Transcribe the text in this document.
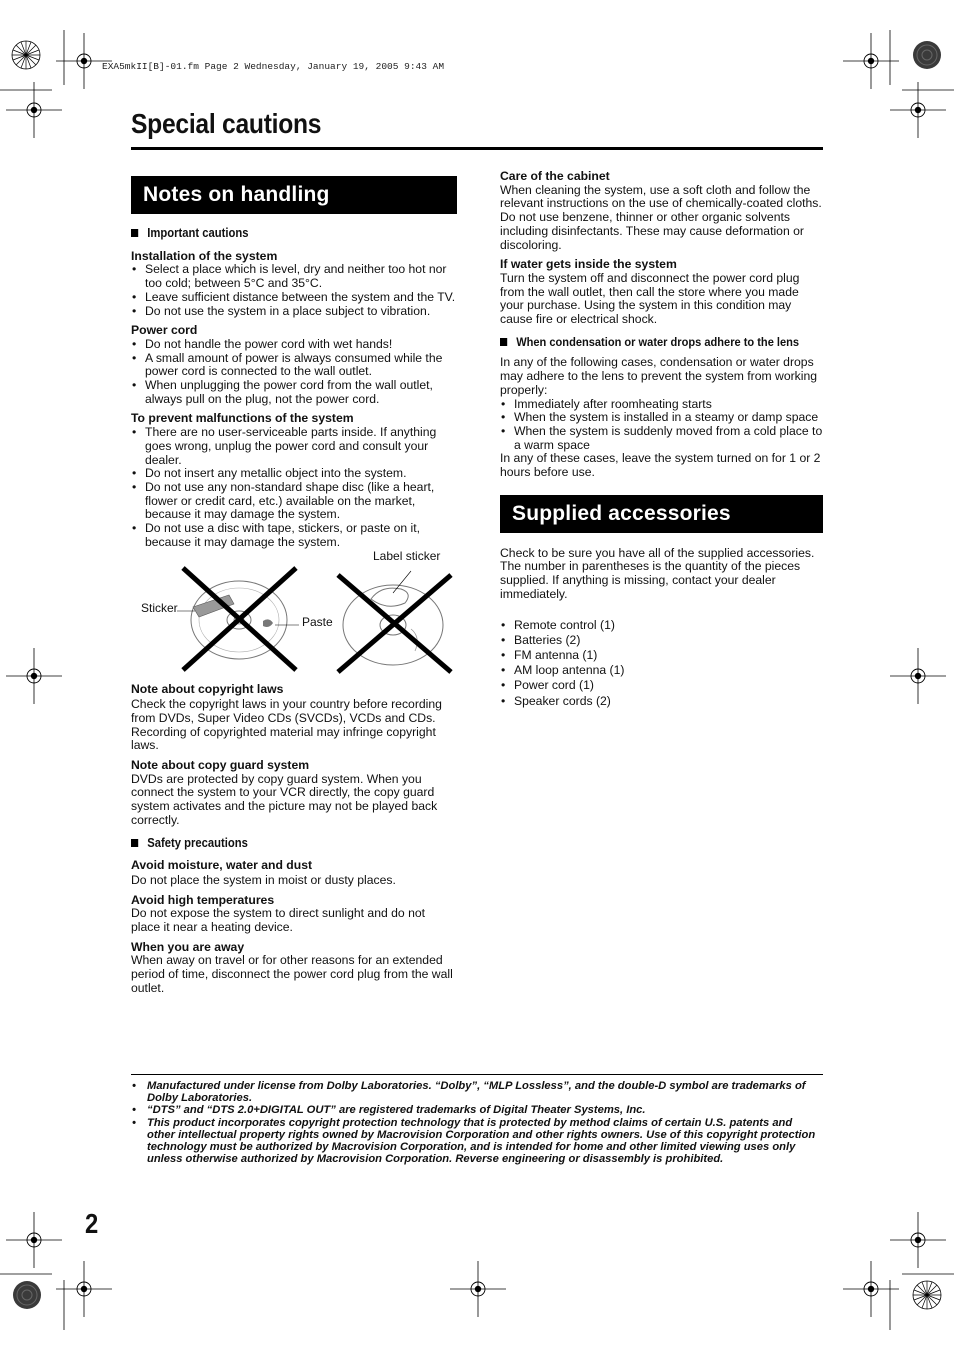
EXA5mkII[B]-01.fm Page 2 Wednesday, January 19, 2005 9:43 AM
Special cautions
Notes on handling
Important cautions

Installation of the system

• Select a place which is level, dry and neither too hot nor too cold; between 5°C and 35°C.
• Leave sufficient distance between the system and the TV.
• Do not use the system in a place subject to vibration.

Power cord

• Do not handle the power cord with wet hands!
• A small amount of power is always consumed while the power cord is connected to the wall outlet.
• When unplugging the power cord from the wall outlet, always pull on the plug, not the power cord.

To prevent malfunctions of the system

• There are no user-serviceable parts inside. If anything goes wrong, unplug the power cord and consult your dealer.
• Do not insert any metallic object into the system.
• Do not use any non-standard shape disc (like a heart, flower or credit card, etc.) available on the market, because it may damage the system.
• Do not use a disc with tape, stickers, or paste on it, because it may damage the system.
Sticker
Paste
Label sticker

Note about copyright laws

Check the copyright laws in your country before recording from DVDs, Super Video CDs (SVCDs), VCDs and CDs. Recording of copyrighted material may infringe copyright laws.

Note about copy guard system

DVDs are protected by copy guard system. When you connect the system to your VCR directly, the copy guard system activates and the picture may not be played back correctly.

Safety precautions

Avoid moisture, water and dust

Do not place the system in moist or dusty places.

Avoid high temperatures

Do not expose the system to direct sunlight and do not place it near a heating device.

When you are away

When away on travel or for other reasons for an extended period of time, disconnect the power cord plug from the wall outlet.

Care of the cabinet

When cleaning the system, use a soft cloth and follow the relevant instructions on the use of chemically-coated cloths. Do not use benzene, thinner or other organic solvents including disinfectants. These may cause deformation or discoloring.

If water gets inside the system

Turn the system off and disconnect the power cord plug from the wall outlet, then call the store where you made your purchase. Using the system in this condition may cause fire or electrical shock.

When condensation or water drops adhere to the lens

In any of the following cases, condensation or water drops may adhere to the lens to prevent the system from working properly:

• Immediately after roomheating starts
• When the system is installed in a steamy or damp space
• When the system is suddenly moved from a cold place to a warm space

In any of these cases, leave the system turned on for 1 or 2 hours before use.

Supplied accessories

Check to be sure you have all of the supplied accessories.

The number in parentheses is the quantity of the pieces supplied. If anything is missing, contact your dealer immediately.

• Remote control (1)
• Batteries (2)
• FM antenna (1)
• AM loop antenna (1)
• Power cord (1)
• Speaker cords (2)
• Manufactured under license from Dolby Laboratories. “Dolby”, “MLP Lossless”, and the double-D symbol are trademarks of Dolby Laboratories.
• “DTS” and “DTS 2.0+DIGITAL OUT” are registered trademarks of Digital Theater Systems, Inc.
• This product incorporates copyright protection technology that is protected by method claims of certain U.S. patents and other intellectual property rights owned by Macrovision Corporation and other rights owners. Use of this copyright protection technology must be authorized by Macrovision Corporation, and is intended for home and other limited viewing uses only unless otherwise authorized by Macrovision Corporation. Reverse engineering or disassembly is prohibited.
2
